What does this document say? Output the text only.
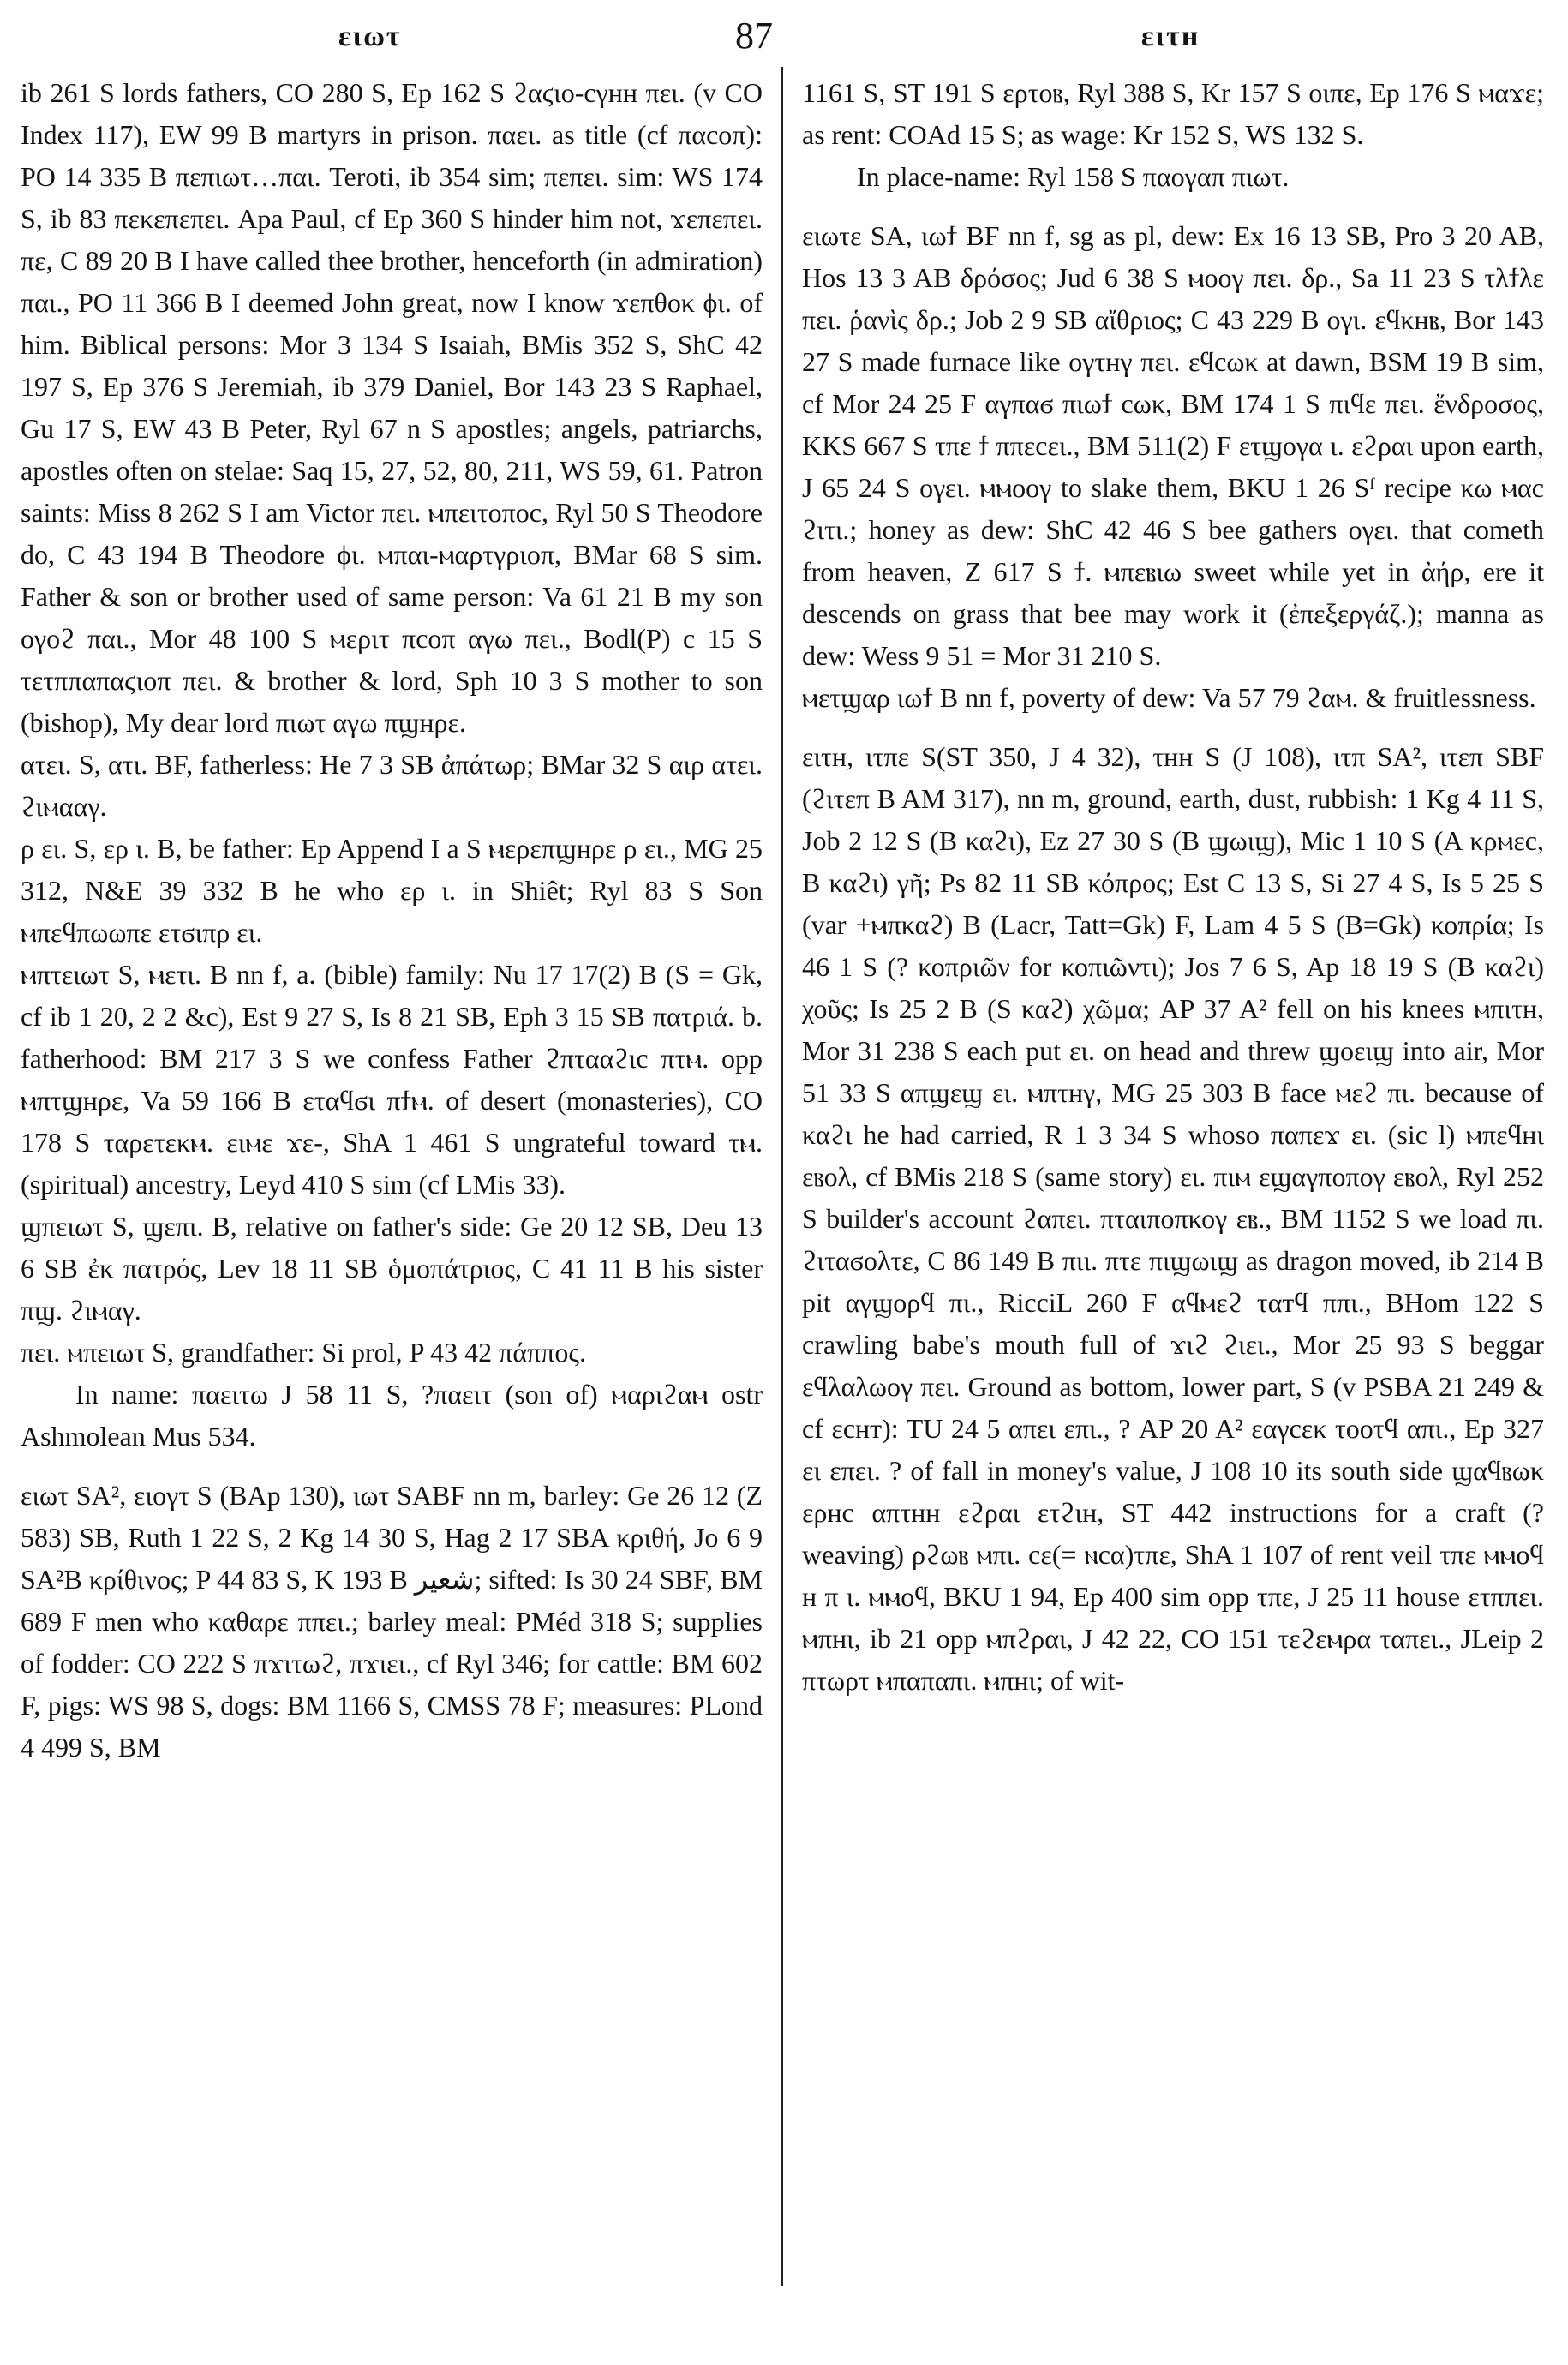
ειωτ	87	ειτн

ib 261 S lords fathers, CO 280 S, Ep 162 S ϩαϛιο-cγнн πει. (v CO Index 117), EW 99 B martyrs in prison. παει. as title (cf παcοπ): PO 14 335 B πεπιωτ…παι. Teroti, ib 354 sim; πεπει. sim: WS 174 S, ib 83 πεκεπεπει. Apa Paul, cf Ep 360 S hinder him not, ϫεπεπει. πε, C 89 20 B I have called thee brother, henceforth (in admiration) παι., PO 11 366 B I deemed John great, now I know ϫεπθοκ ϕι. of him. Biblical persons: Mor 3 134 S Isaiah, BMis 352 S, ShC 42 197 S, Ep 376 S Jeremiah, ib 379 Daniel, Bor 143 23 S Raphael, Gu 17 S, EW 43 B Peter, Ryl 67 n S apostles; angels, patriarchs, apostles often on stelae: Saq 15, 27, 52, 80, 211, WS 59, 61. Patron saints: Miss 8 262 S I am Victor πει. ⲙπειτοποc, Ryl 50 S Theodore do, C 43 194 B Theodore ϕι. ⲙπαι-ⲙαρτγριοπ, BMar 68 S sim. Father & son or brother used of same person: Va 61 21 B my son ογοϩ παι., Mor 48 100 S ⲙεριτ πcοπ αγω πει., Bodl(P) c 15 S τετππαπαϛιοπ πει. & brother & lord, Sph 10 3 S mother to son (bishop), My dear lord πιωτ αγω πϣнρε.

ατει. S, ατι. BF, fatherless: He 7 3 SB ἀπάτωρ; BMar 32 S αιρ ατει. ϩιⲙααγ.

ρ ει. S, ερ ι. B, be father: Ep Append I a S ⲙερεπϣнρε ρ ει., MG 25 312, N&E 39 332 B he who ερ ι. in Shiêt; Ryl 83 S Son ⲙπεϥπωωπε ετϭιπρ ει.

ⲙπτειωτ S, ⲙετι. B nn f, a. (bible) family: Nu 17 17(2) B (S = Gk, cf ib 1 20, 2 2 &c), Est 9 27 S, Is 8 21 SB, Eph 3 15 SB πατριά. b. fatherhood: BM 217 3 S we confess Father ϩπτααϩιc πτⲙ. opp ⲙπτϣнρε, Va 59 166 B εταϥϭι πϯⲙ. of desert (monasteries), CO 178 S ταρετεκⲙ. ειⲙε ϫε-, ShA 1 461 S ungrateful toward τⲙ. (spiritual) ancestry, Leyd 410 S sim (cf LMis 33).

ϣπειωτ S, ϣεπι. B, relative on father's side: Ge 20 12 SB, Deu 13 6 SB ἐκ πατρός, Lev 18 11 SB ὁμοπάτριος, C 41 11 B his sister πϣ. ϩιⲙαγ.

πει. ⲙπειωτ S, grandfather: Si prol, P 43 42 πάππος.

In name: παειτω J 58 11 S, ?παειτ (son of) ⲙαριϩαⲙ ostr Ashmolean Mus 534.

ειωτ SA², ειογτ S (BAp 130), ιωτ SABF nn m, barley: Ge 26 12 (Z 583) SB, Ruth 1 22 S, 2 Kg 14 30 S, Hag 2 17 SBA κριθή, Jo 6 9 SA²B κρίθινος; P 44 83 S, K 193 B شعير; sifted: Is 30 24 SBF, BM 689 F men who καθαρε ππει.; barley meal: PMéd 318 S; supplies of fodder: CO 222 S πϫιτωϩ, πϫιει., cf Ryl 346; for cattle: BM 602 F, pigs: WS 98 S, dogs: BM 1166 S, CMSS 78 F; measures: PLond 4 499 S, BM

1161 S, ST 191 S ερτοⲃ, Ryl 388 S, Kr 157 S οιπε, Ep 176 S ⲙαϫε; as rent: COAd 15 S; as wage: Kr 152 S, WS 132 S.

In place-name: Ryl 158 S παογαπ πιωτ.

ειωτε SA, ιωϯ BF nn f, sg as pl, dew: Ex 16 13 SB, Pro 3 20 AB, Hos 13 3 AB δρόσος; Jud 6 38 S ⲙοογ πει. δρ., Sa 11 23 S τλϯλε πει. ῥανὶς δρ.; Job 2 9 SB αἴθριος; C 43 229 B ογι. εϥκнⲃ, Bor 143 27 S made furnace like ογτнγ πει. εϥcωκ at dawn, BSM 19 B sim, cf Mor 24 25 F αγπαϭ πιωϯ cωκ, BM 174 1 S πιϥε πει. ἔνδροσος, KKS 667 S τπε ϯ ππεcει., BM 511(2) F ετϣογα ι. εϩραι upon earth, J 65 24 S ογει. ⲙⲙοογ to slake them, BKU 1 26 Sᶠ recipe κω ⲙαc ϩιτι.; honey as dew: ShC 42 46 S bee gathers ογει. that cometh from heaven, Z 617 S ϯ. ⲙπεⲃιω sweet while yet in ἀήρ, ere it descends on grass that bee may work it (ἐπεξεργάζ.); manna as dew: Wess 9 51 = Mor 31 210 S.

ⲙετϣαρ ιωϯ B nn f, poverty of dew: Va 57 79 ϩαⲙ. & fruitlessness.

ειτн, ιτπε S(ST 350, J 4 32), τнн S (J 108), ιτπ SA², ιτεπ SBF (ϩιτεπ B AM 317), nn m, ground, earth, dust, rubbish: 1 Kg 4 11 S, Job 2 12 S (B καϩι), Ez 27 30 S (B ϣωιϣ), Mic 1 10 S (A κρⲙεc, B καϩι) γῆ; Ps 82 11 SB κόπρος; Est C 13 S, Si 27 4 S, Is 5 25 S (var +ⲙπκαϩ) B (Lacr, Tatt=Gk) F, Lam 4 5 S (B=Gk) κοπρία; Is 46 1 S (? κοπριῶν for κοπιῶντι); Jos 7 6 S, Ap 18 19 S (B καϩι) χοῦς; Is 25 2 B (S καϩ) χῶμα; AP 37 A² fell on his knees ⲙπιτн, Mor 31 238 S each put ει. on head and threw ϣοειϣ into air, Mor 51 33 S απϣεϣ ει. ⲙπτнγ, MG 25 303 B face ⲙεϩ πι. because of καϩι he had carried, R 1 3 34 S whoso παπεϫ ει. (sic l) ⲙπεϥнι εⲃολ, cf BMis 218 S (same story) ει. πιⲙ εϣαγποπογ εⲃολ, Ryl 252 S builder's account ϩαπει. πταιποπκογ εⲃ., BM 1152 S we load πι. ϩιταϭολτε, C 86 149 B πιι. πτε πιϣωιϣ as dragon moved, ib 214 B pit αγϣορϥ πι., RicciL 260 F αϥⲙεϩ ταтϥ ππι., BHom 122 S crawling babe's mouth full of ϫιϩ ϩιει., Mor 25 93 S beggar εϥλαλωογ πει. Ground as bottom, lower part, S (v PSBA 21 249 & cf εcнт): TU 24 5 απει επι., ? AP 20 A² εαγcεκ τοοτϥ απι., Ep 327 ει επει. ? of fall in money's value, J 108 10 its south side ϣαϥⲃωκ ερнc απτнн εϩραι ετϩιн, ST 442 instructions for a craft (? weaving) ρϩωⲃ ⲙπι. cε(= ⲛcα)τπε, ShA 1 107 of rent veil τπε ⲙⲙοϥ н π ι. ⲙⲙοϥ, BKU 1 94, Ep 400 sim opp τπε, J 25 11 house ετππει. ⲙπнι, ib 21 opp ⲙπϩραι, J 42 22, CO 151 τεϩεⲙρα ταπει., JLeip 2 πτωρτ ⲙπαπαπι. ⲙπнι; of wit-
